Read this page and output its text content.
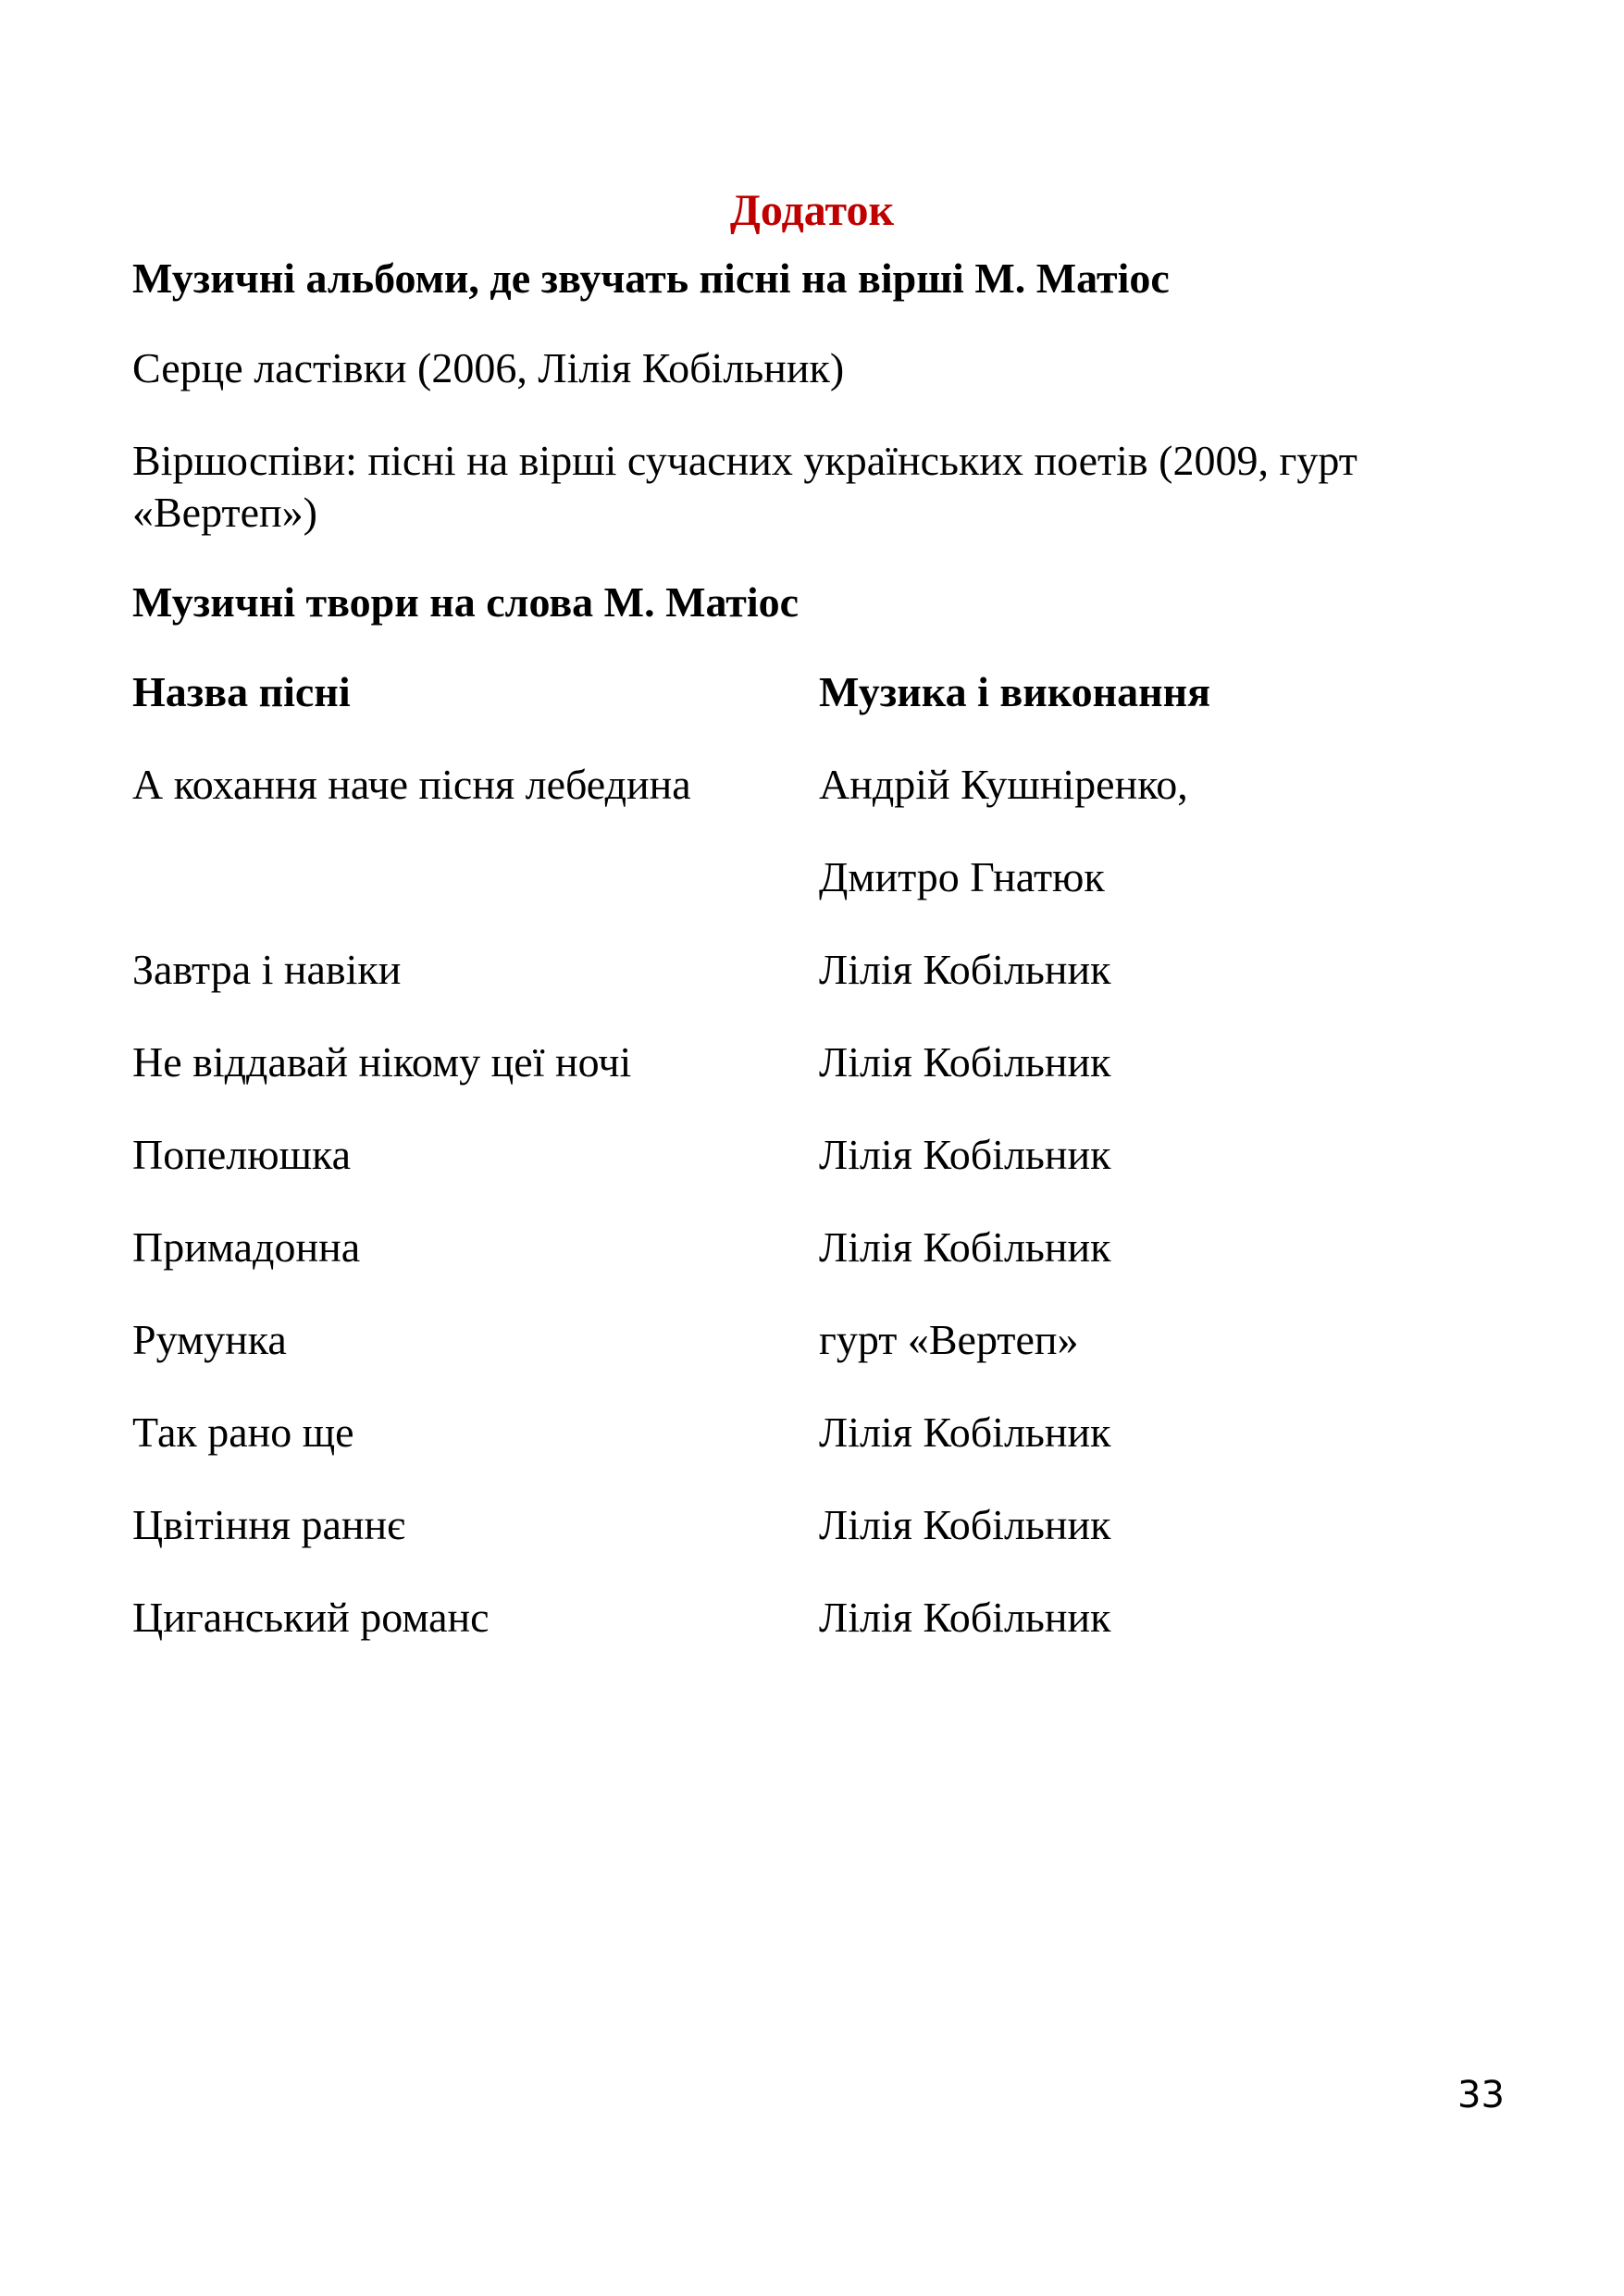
Додаток
Музичні альбоми, де звучать пісні на вірші М. Матіос
Серце ластівки (2006, Лілія Кобільник)
Віршоспіви: пісні на вірші сучасних українських поетів (2009, гурт «Вертеп»)
Музичні твори на слова М. Матіос
Назва пісні	Музика і виконання
А кохання наче пісня лебедина	Андрій Кушніренко,
Дмитро Гнатюк
Завтра і навіки	Лілія Кобільник
Не віддавай нікому цеї ночі	Лілія Кобільник
Попелюшка	Лілія Кобільник
Примадонна	Лілія Кобільник
Румунка	гурт «Вертеп»
Так рано ще	Лілія Кобільник
Цвітіння раннє	Лілія Кобільник
Циганський романс	Лілія Кобільник
33
